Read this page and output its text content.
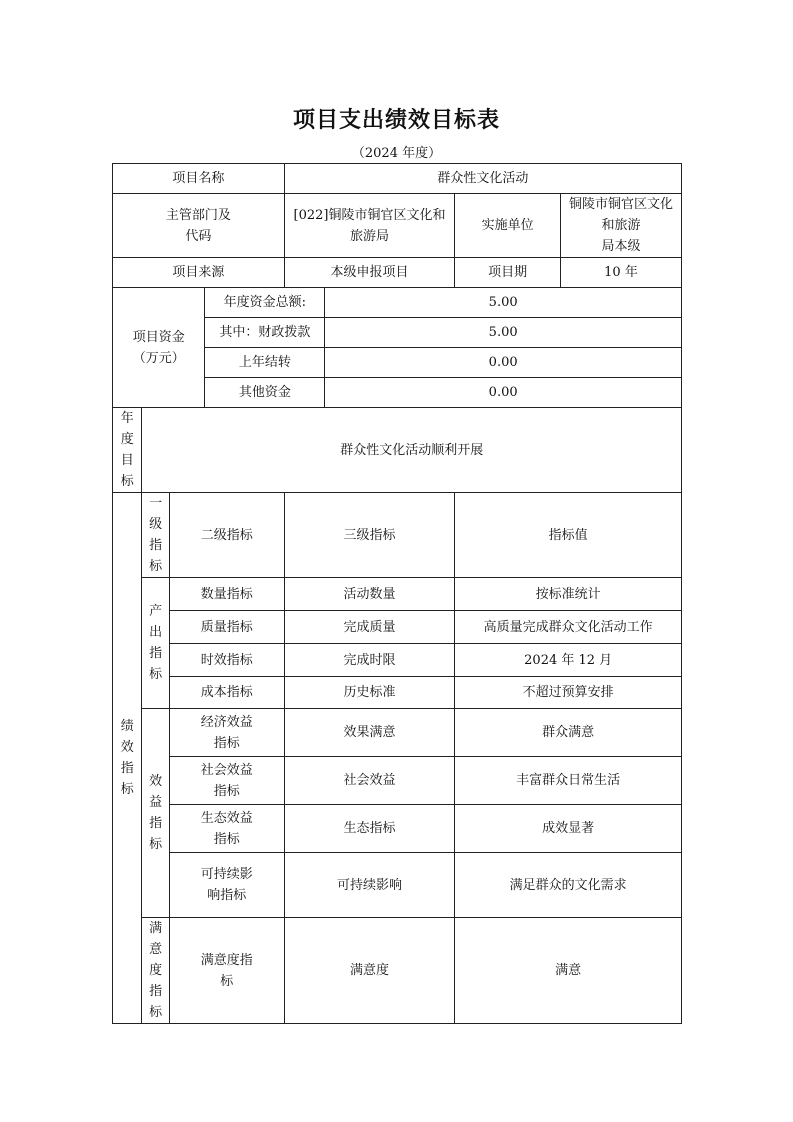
项目支出绩效目标表
（2024 年度）
项目名称				群众性文化活动			
主管部门及
代码				[022]铜陵市铜官区文化和旅游局		实施单位	铜陵市铜官区文化和旅游
局本级
项目来源				本级申报项目		项目期	10 年
项目资金
（万元）			年度资金总额:		5.00		
			其中：财政拨款		5.00		
			上年结转		0.00		
			其他资金		0.00		
年
度
目
标	群众性文化活动顺利开展						
绩
效
指
标	一
级
指
标	二级指标		三级指标		指标值	
	产
出
指
标	数量指标		活动数量		按标准统计	
		质量指标		完成质量		高质量完成群众文化活动工作	
		时效指标		完成时限		2024 年 12 月	
		成本指标		历史标准		不超过预算安排	
	效
益
指
标	经济效益
指标		效果满意		群众满意	
		社会效益
指标		社会效益		丰富群众日常生活	
		生态效益
指标		生态指标		成效显著	
		可持续影
响指标		可持续影响		满足群众的文化需求	
	满
意
度
指
标	满意度指
标		满意度		满意	
